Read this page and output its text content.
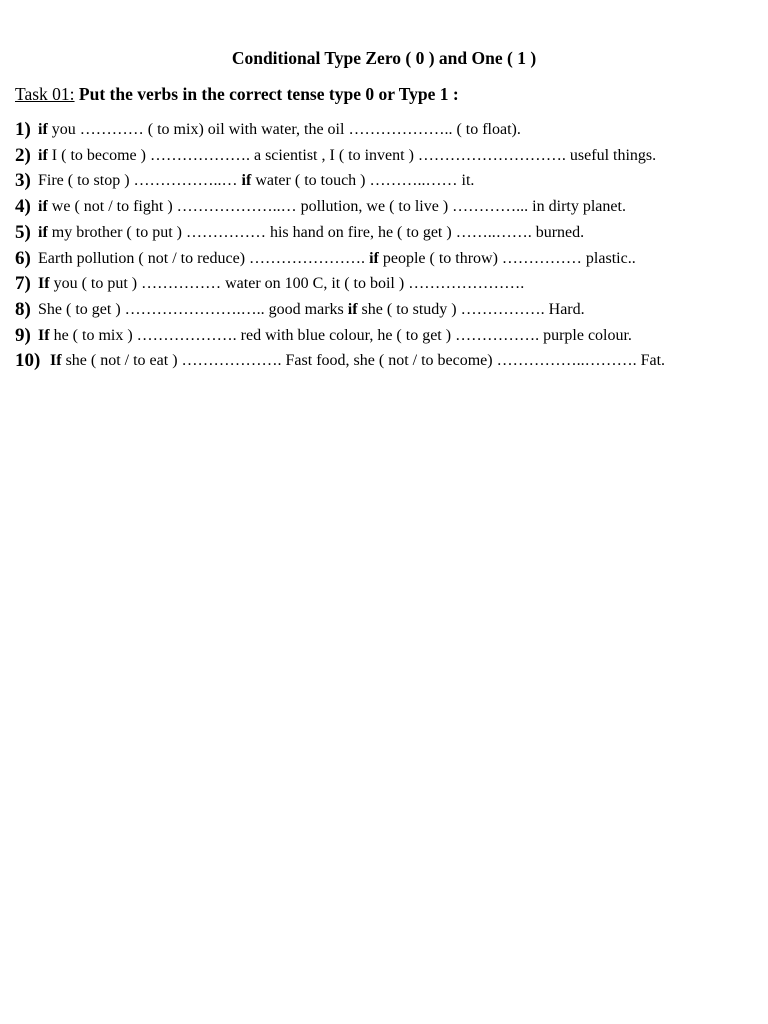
Conditional Type Zero ( 0 ) and One ( 1 )

Task 01: Put the verbs in the correct tense type 0 or Type 1 :

1) if you ………… ( to mix) oil with water, the oil ……………….. ( to float).
2) if I ( to become ) ………………. a scientist , I ( to invent ) ………………………. useful things.
3) Fire ( to stop ) ……………..… if water ( to touch ) ………..…… it.
4) if we ( not / to fight ) ………………..… pollution, we ( to live ) …………... in dirty planet.
5) if my brother ( to put ) …………… his hand on fire, he ( to get ) ……..……. burned.
6) Earth pollution ( not / to reduce) …………………. if people ( to throw) …………… plastic..
7) If you ( to put ) …………… water on 100 C, it ( to boil ) ………………….
8) She ( to get ) ………………….….. good marks if she ( to study ) ……………. Hard.
9) If he ( to mix ) ………………. red with blue colour, he ( to get ) ……………. purple colour.
10) If she ( not / to eat ) ………………. Fast food, she ( not / to become) ……………..………. Fat.
